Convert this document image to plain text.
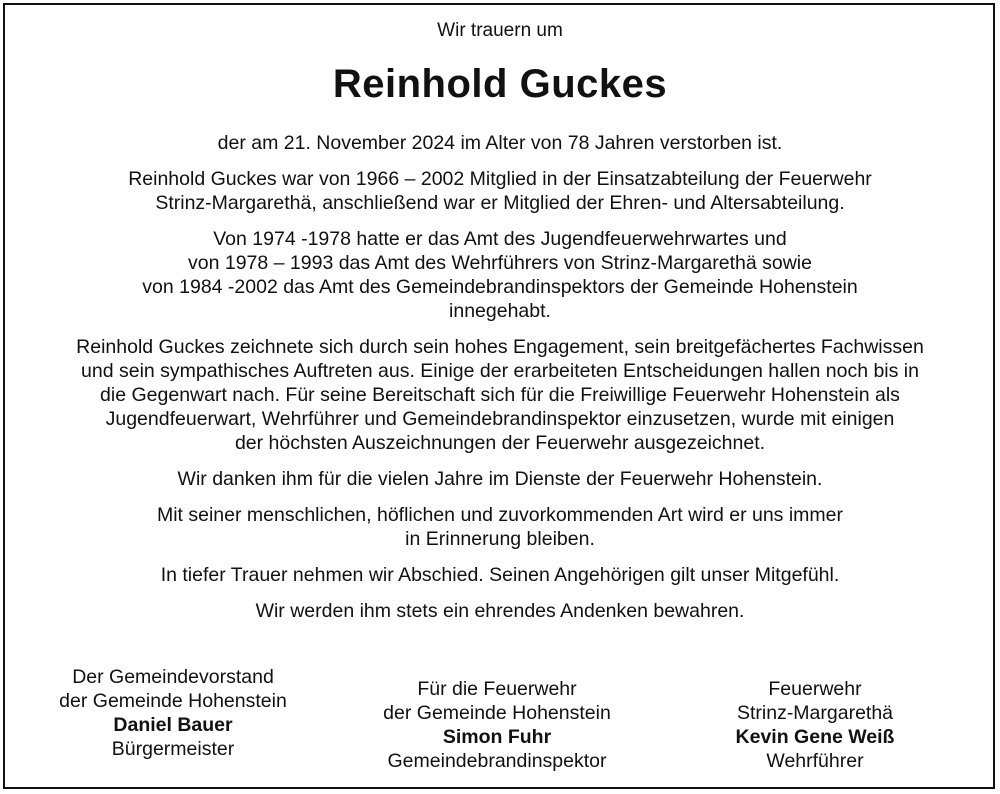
Wir trauern um
Reinhold Guckes

der am 21. November 2024 im Alter von 78 Jahren verstorben ist.

Reinhold Guckes war von 1966 – 2002 Mitglied in der Einsatzabteilung der Feuerwehr
Strinz-Margarethä, anschließend war er Mitglied der Ehren- und Altersabteilung.

Von 1974 -1978 hatte er das Amt des Jugendfeuerwehrwartes und
von 1978 – 1993 das Amt des Wehrführers von Strinz-Margarethä sowie
von 1984 -2002 das Amt des Gemeindebrandinspektors der Gemeinde Hohenstein
innegehabt.

Reinhold Guckes zeichnete sich durch sein hohes Engagement, sein breitgefächertes Fachwissen
und sein sympathisches Auftreten aus. Einige der erarbeiteten Entscheidungen hallen noch bis in
die Gegenwart nach. Für seine Bereitschaft sich für die Freiwillige Feuerwehr Hohenstein als
Jugendfeuerwart, Wehrführer und Gemeindebrandinspektor einzusetzen, wurde mit einigen
der höchsten Auszeichnungen der Feuerwehr ausgezeichnet.

Wir danken ihm für die vielen Jahre im Dienste der Feuerwehr Hohenstein.

Mit seiner menschlichen, höflichen und zuvorkommenden Art wird er uns immer
in Erinnerung bleiben.

In tiefer Trauer nehmen wir Abschied. Seinen Angehörigen gilt unser Mitgefühl.

Wir werden ihm stets ein ehrendes Andenken bewahren.

Der Gemeindevorstand
der Gemeinde Hohenstein
Daniel Bauer
Bürgermeister
Für die Feuerwehr
der Gemeinde Hohenstein
Simon Fuhr
Gemeindebrandinspektor
Feuerwehr
Strinz-Margarethä
Kevin Gene Weiß
Wehrführer
